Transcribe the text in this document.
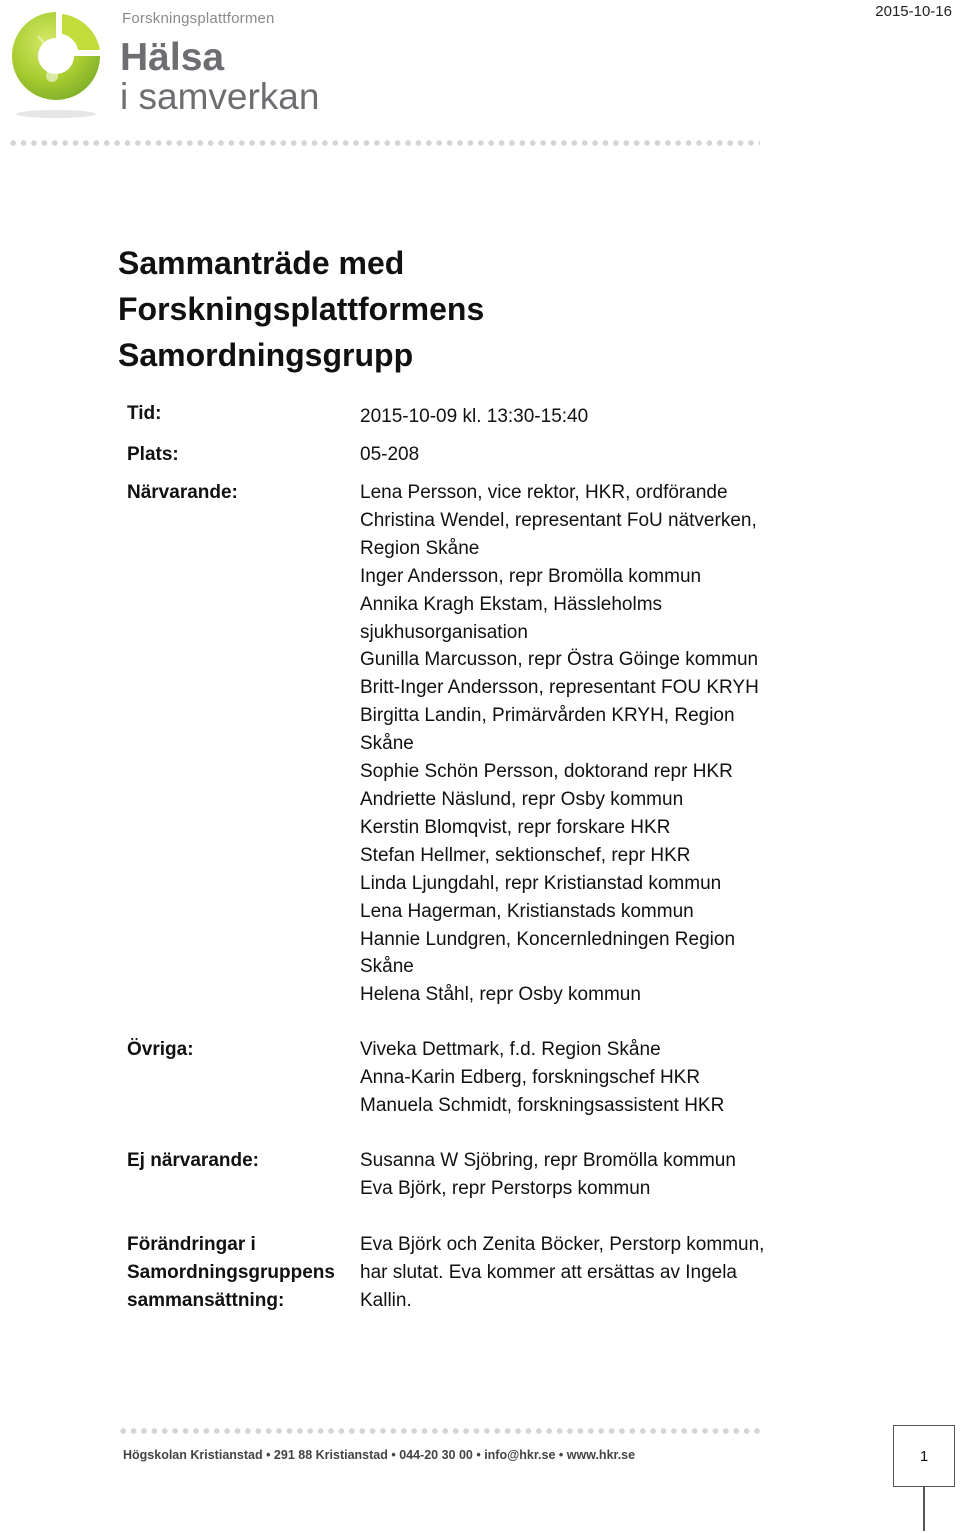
2015-10-16
Forskningsplattformen
Hälsa
i samverkan
Sammanträde med
Forskningsplattformens
Samordningsgrupp
Tid:	2015-10-09 kl. 13:30-15:40
Plats:	05-208
Närvarande:	Lena Persson, vice rektor, HKR, ordförande
Christina Wendel, representant FoU nätverken,
Region Skåne
Inger Andersson, repr Bromölla kommun
Annika Kragh Ekstam, Hässleholms
sjukhusorganisation
Gunilla Marcusson, repr Östra Göinge kommun
Britt-Inger Andersson, representant FOU KRYH
Birgitta Landin, Primärvården KRYH, Region
Skåne
Sophie Schön Persson, doktorand repr HKR
Andriette Näslund, repr Osby kommun
Kerstin Blomqvist, repr forskare HKR
Stefan Hellmer, sektionschef, repr HKR
Linda Ljungdahl, repr Kristianstad kommun
Lena Hagerman, Kristianstads kommun
Hannie Lundgren, Koncernledningen Region
Skåne
Helena Ståhl, repr Osby kommun
Övriga:	Viveka Dettmark, f.d. Region Skåne
Anna-Karin Edberg, forskningschef HKR
Manuela Schmidt, forskningsassistent HKR
Ej närvarande:	Susanna W Sjöbring, repr Bromölla kommun
Eva Björk, repr Perstorps kommun
Förändringar i
Samordningsgruppens
sammansättning:
Eva Björk och Zenita Böcker, Perstorp kommun,
har slutat. Eva kommer att ersättas av Ingela
Kallin.
Högskolan Kristianstad • 291 88 Kristianstad • 044-20 30 00 • info@hkr.se • www.hkr.se	1
